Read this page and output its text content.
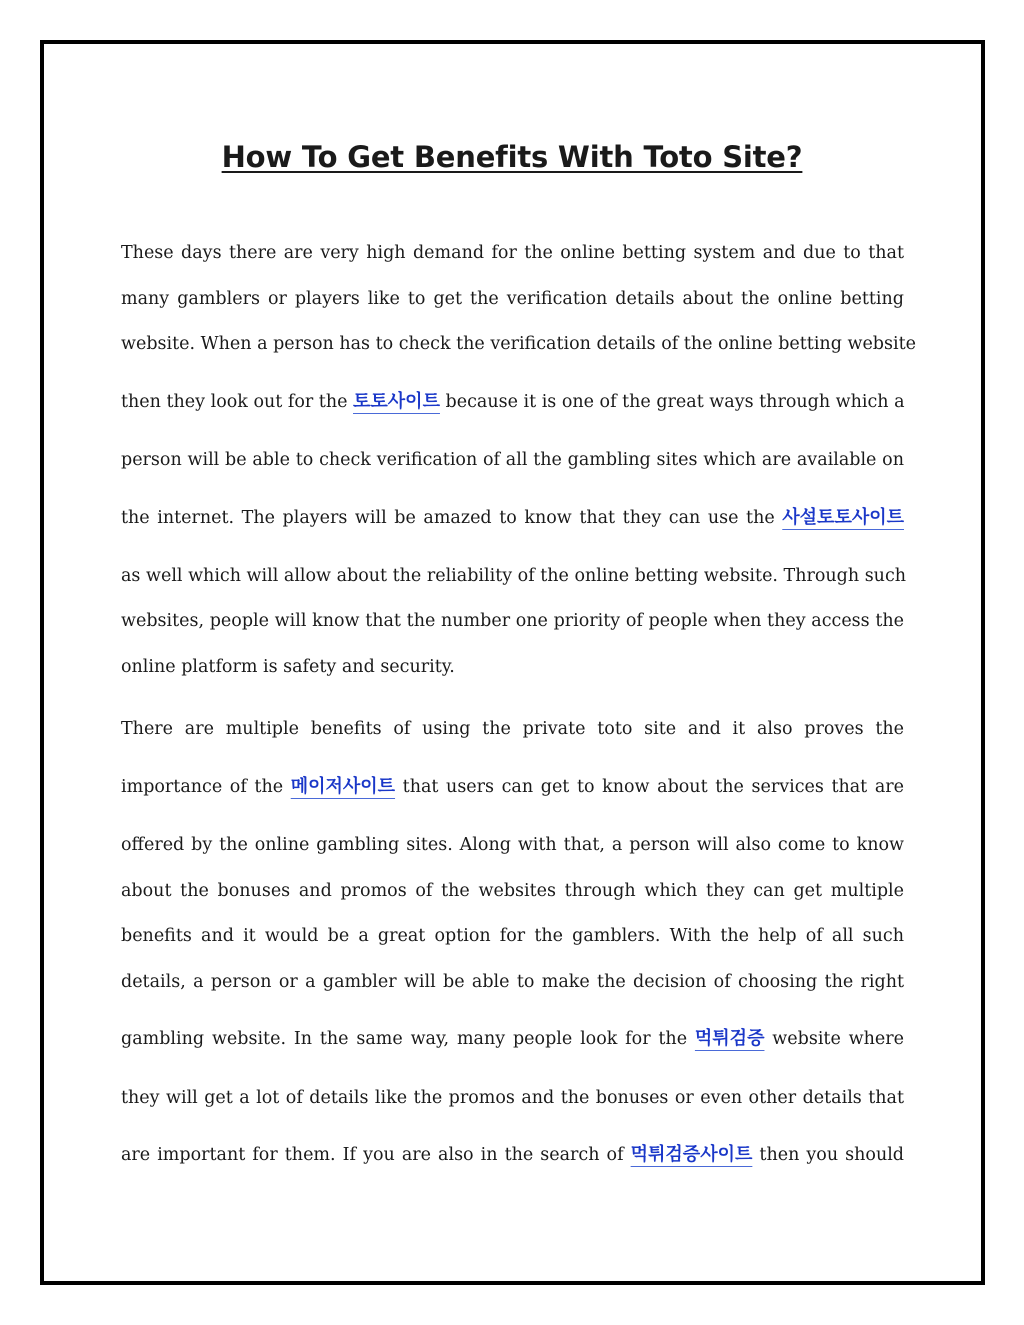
How To Get Benefits With Toto Site?

These days there are very high demand for the online betting system and due to that

many gamblers or players like to get the verification details about the online betting

website. When a person has to check the verification details of the online betting website

then they look out for the 토토사이트 because it is one of the great ways through which a

person will be able to check verification of all the gambling sites which are available on

the internet. The players will be amazed to know that they can use the 사설토토사이트

as well which will allow about the reliability of the online betting website. Through such

websites, people will know that the number one priority of people when they access the

online platform is safety and security.

There are multiple benefits of using the private toto site and it also proves the

importance of the 메이저사이트 that users can get to know about the services that are

offered by the online gambling sites. Along with that, a person will also come to know

about the bonuses and promos of the websites through which they can get multiple

benefits and it would be a great option for the gamblers. With the help of all such

details, a person or a gambler will be able to make the decision of choosing the right

gambling website. In the same way, many people look for the 먹튀검증 website where

they will get a lot of details like the promos and the bonuses or even other details that

are important for them. If you are also in the search of 먹튀검증사이트 then you should
